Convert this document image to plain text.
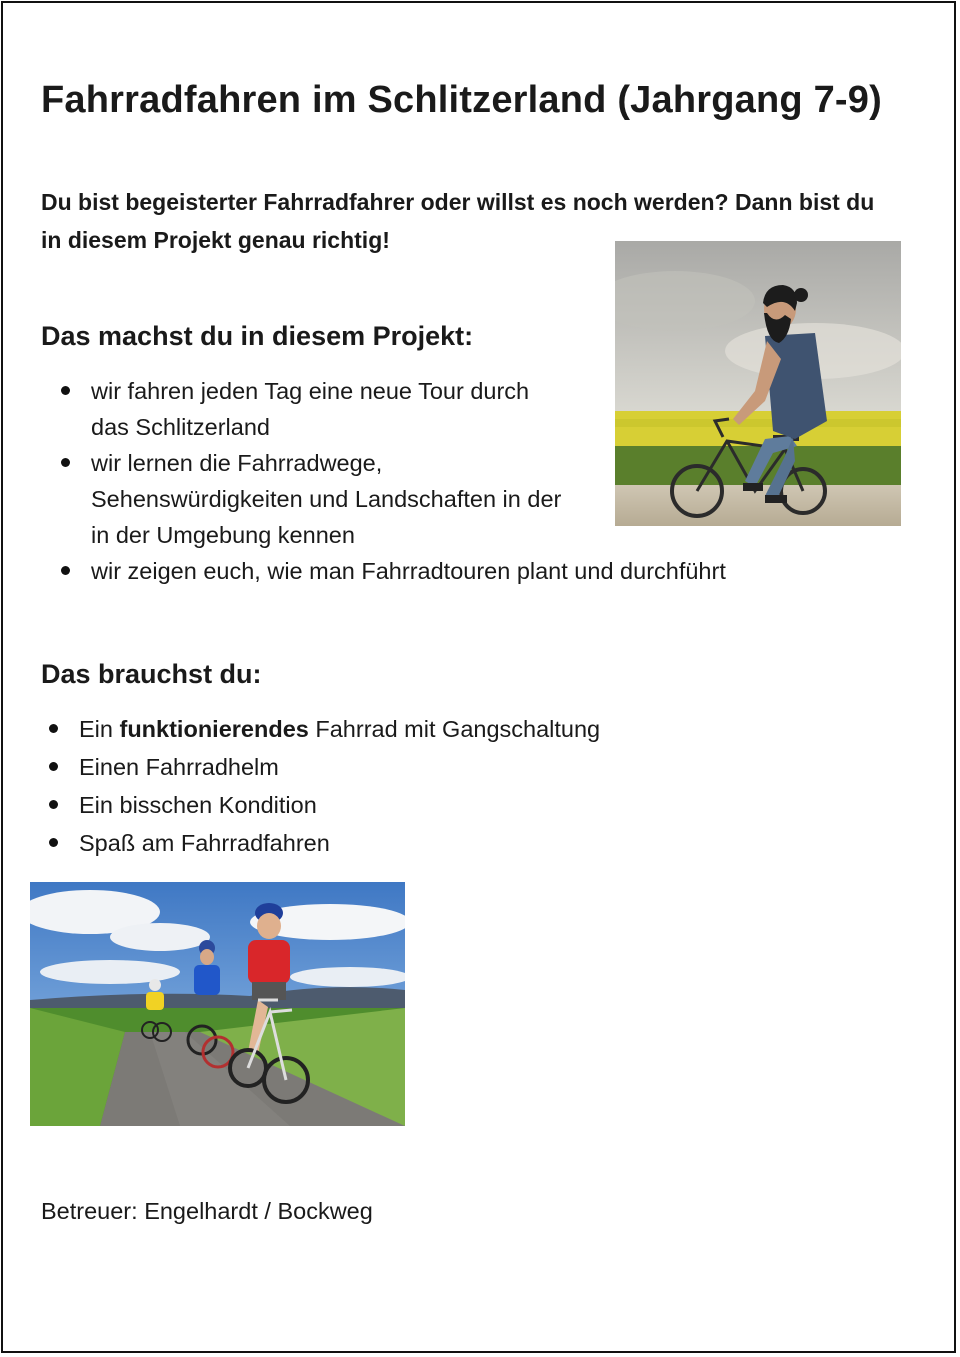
Fahrradfahren im Schlitzerland (Jahrgang 7-9)
Du bist begeisterter Fahrradfahrer oder willst es noch werden? Dann bist du in diesem Projekt genau richtig!
Das machst du in diesem Projekt:
wir fahren jeden Tag eine neue Tour durch
das Schlitzerland
wir lernen die Fahrradwege,
Sehenswürdigkeiten und Landschaften in der
in der Umgebung kennen
wir zeigen euch, wie man Fahrradtouren plant und durchführt
Das brauchst du:
Ein funktionierendes Fahrrad mit Gangschaltung
Einen Fahrradhelm
Ein bisschen Kondition
Spaß am Fahrradfahren
Betreuer: Engelhardt / Bockweg
